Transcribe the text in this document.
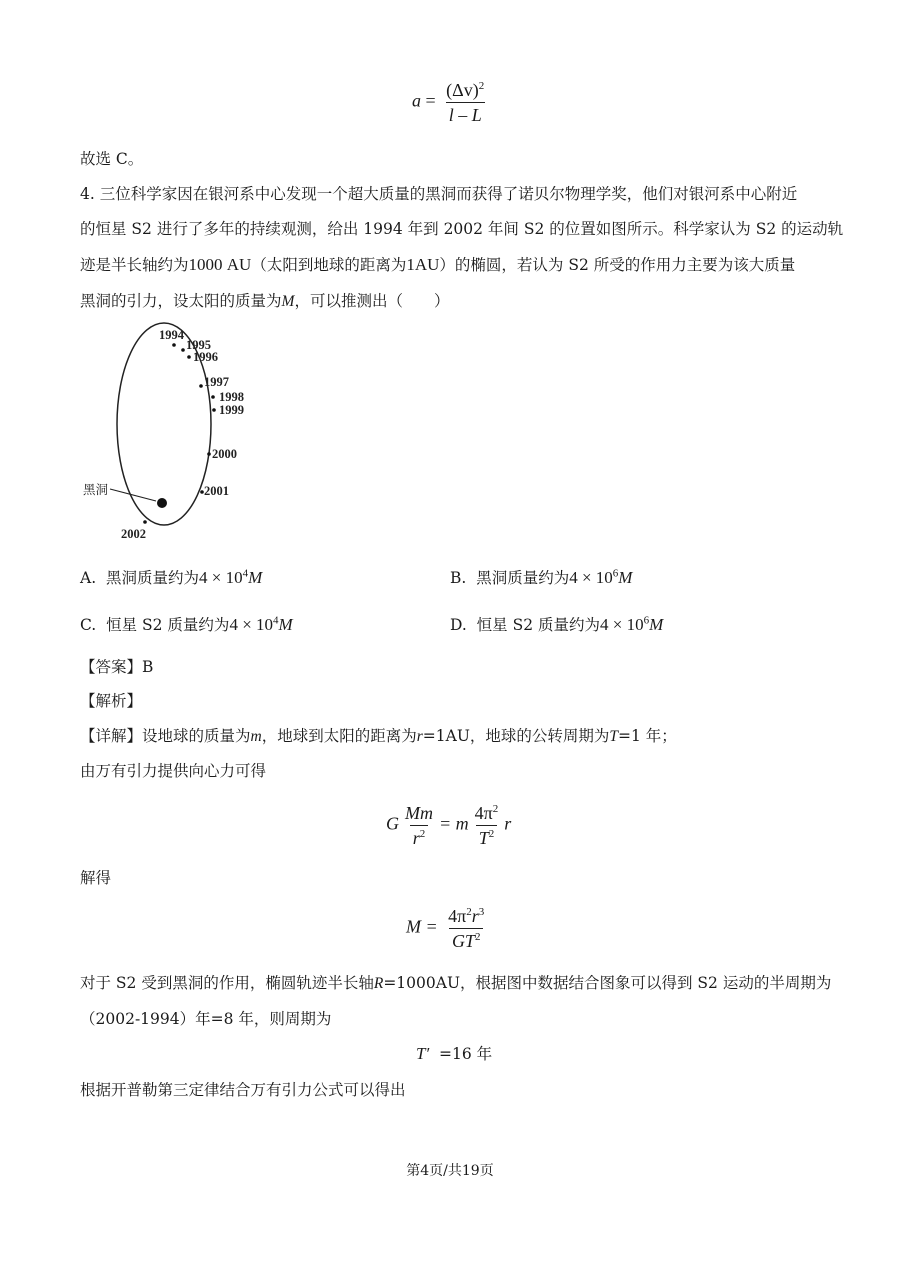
$a = \frac{(\Delta v)^2}{l - L}$
故选 C。
4. 三位科学家因在银河系中心发现一个超大质量的黑洞而获得了诺贝尔物理学奖，他们对银河系中心附近
的恒星 S2 进行了多年的持续观测，给出 1994 年到 2002 年间 S2 的位置如图所示。科学家认为 S2 的运动轨
迹是半长轴约为1000 AU（太阳到地球的距离为1AU）的椭圆，若认为 S2 所受的作用力主要为该大质量
黑洞的引力，设太阳的质量为M，可以推测出（　　）
黑洞
1994
1995
1996
1997
1998
1999
2000
2001
2002
A. 黑洞质量约为$4 \times 10^4M$	B. 黑洞质量约为$4 \times 10^6M$
C. 恒星 S2 质量约为$4 \times 10^4M$	D. 恒星 S2 质量约为$4 \times 10^6M$
【答案】B
【解析】
【详解】设地球的质量为m，地球到太阳的距离为r=1AU，地球的公转周期为T=1 年；
由万有引力提供向心力可得
G $\frac{Mm}{r^2} = m \frac{4\pi^2}{T^2}$ r
解得
$M = \frac{4\pi^2r^3}{GT^2}$
对于 S2 受到黑洞的作用，椭圆轨迹半长轴R=1000AU，根据图中数据结合图象可以得到 S2 运动的半周期为
（2002-1994）年=8 年，则周期为
T′ =16 年
根据开普勒第三定律结合万有引力公式可以得出
第4页/共19页
